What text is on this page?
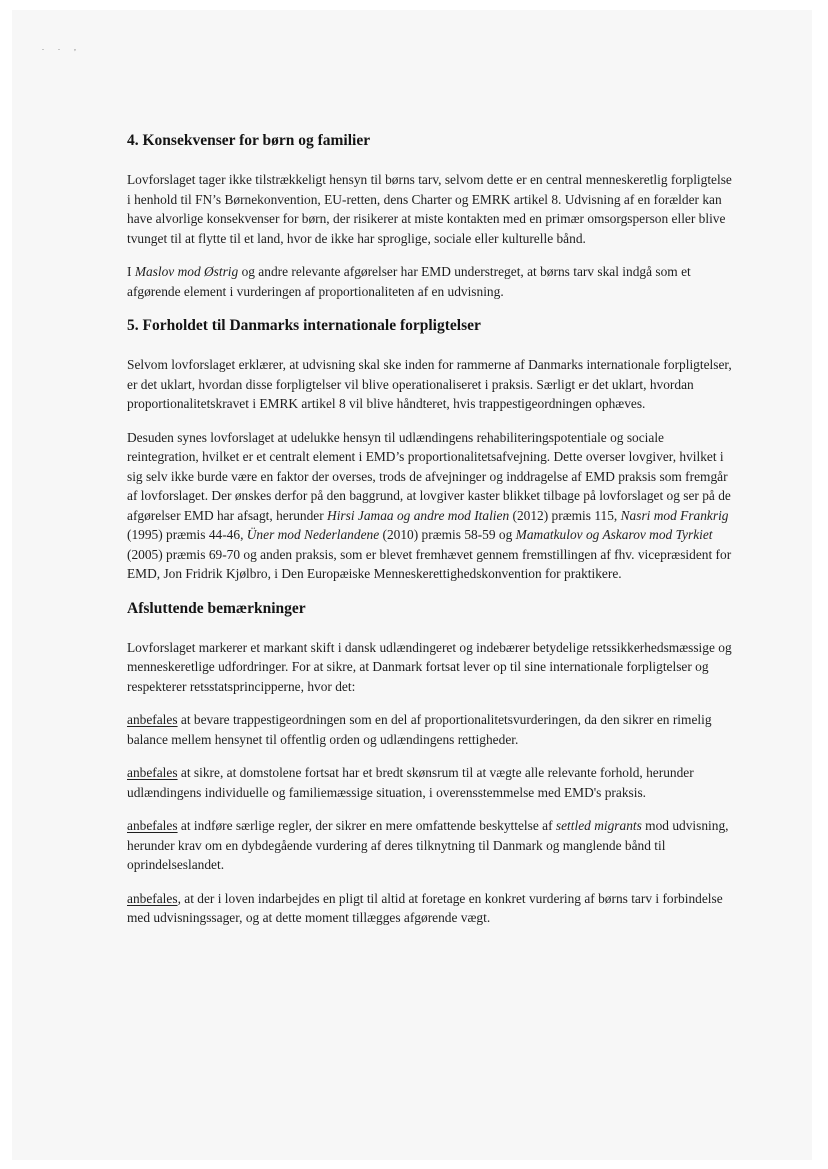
. . ,
4. Konsekvenser for børn og familier

Lovforslaget tager ikke tilstrækkeligt hensyn til børns tarv, selvom dette er en central menneskeretlig forpligtelse i henhold til FN’s Børnekonvention, EU-retten, dens Charter og EMRK artikel 8. Udvisning af en forælder kan have alvorlige konsekvenser for børn, der risikerer at miste kontakten med en primær omsorgsperson eller blive tvunget til at flytte til et land, hvor de ikke har sproglige, sociale eller kulturelle bånd.

I Maslov mod Østrig og andre relevante afgørelser har EMD understreget, at børns tarv skal indgå som et afgørende element i vurderingen af proportionaliteten af en udvisning.

5. Forholdet til Danmarks internationale forpligtelser

Selvom lovforslaget erklærer, at udvisning skal ske inden for rammerne af Danmarks internationale forpligtelser, er det uklart, hvordan disse forpligtelser vil blive operationaliseret i praksis. Særligt er det uklart, hvordan proportionalitetskravet i EMRK artikel 8 vil blive håndteret, hvis trappestigeordningen ophæves.

Desuden synes lovforslaget at udelukke hensyn til udlændingens rehabiliteringspotentiale og sociale reintegration, hvilket er et centralt element i EMD’s proportionalitetsafvejning. Dette overser lovgiver, hvilket i sig selv ikke burde være en faktor der overses, trods de afvejninger og inddragelse af EMD praksis som fremgår af lovforslaget. Der ønskes derfor på den baggrund, at lovgiver kaster blikket tilbage på lovforslaget og ser på de afgørelser EMD har afsagt, herunder Hirsi Jamaa og andre mod Italien (2012) præmis 115, Nasri mod Frankrig (1995) præmis 44-46, Üner mod Nederlandene (2010) præmis 58-59 og Mamatkulov og Askarov mod Tyrkiet (2005) præmis 69-70 og anden praksis, som er blevet fremhævet gennem fremstillingen af fhv. vicepræsident for EMD, Jon Fridrik Kjølbro, i Den Europæiske Menneskerettighedskonvention for praktikere.

Afsluttende bemærkninger

Lovforslaget markerer et markant skift i dansk udlændingeret og indebærer betydelige retssikkerhedsmæssige og menneskeretlige udfordringer. For at sikre, at Danmark fortsat lever op til sine internationale forpligtelser og respekterer retsstatsprincipperne, hvor det:

anbefales at bevare trappestigeordningen som en del af proportionalitetsvurderingen, da den sikrer en rimelig balance mellem hensynet til offentlig orden og udlændingens rettigheder.

anbefales at sikre, at domstolene fortsat har et bredt skønsrum til at vægte alle relevante forhold, herunder udlændingens individuelle og familiemæssige situation, i overensstemmelse med EMD's praksis.

anbefales at indføre særlige regler, der sikrer en mere omfattende beskyttelse af settled migrants mod udvisning, herunder krav om en dybdegående vurdering af deres tilknytning til Danmark og manglende bånd til oprindelseslandet.

anbefales, at der i loven indarbejdes en pligt til altid at foretage en konkret vurdering af børns tarv i forbindelse med udvisningssager, og at dette moment tillægges afgørende vægt.
